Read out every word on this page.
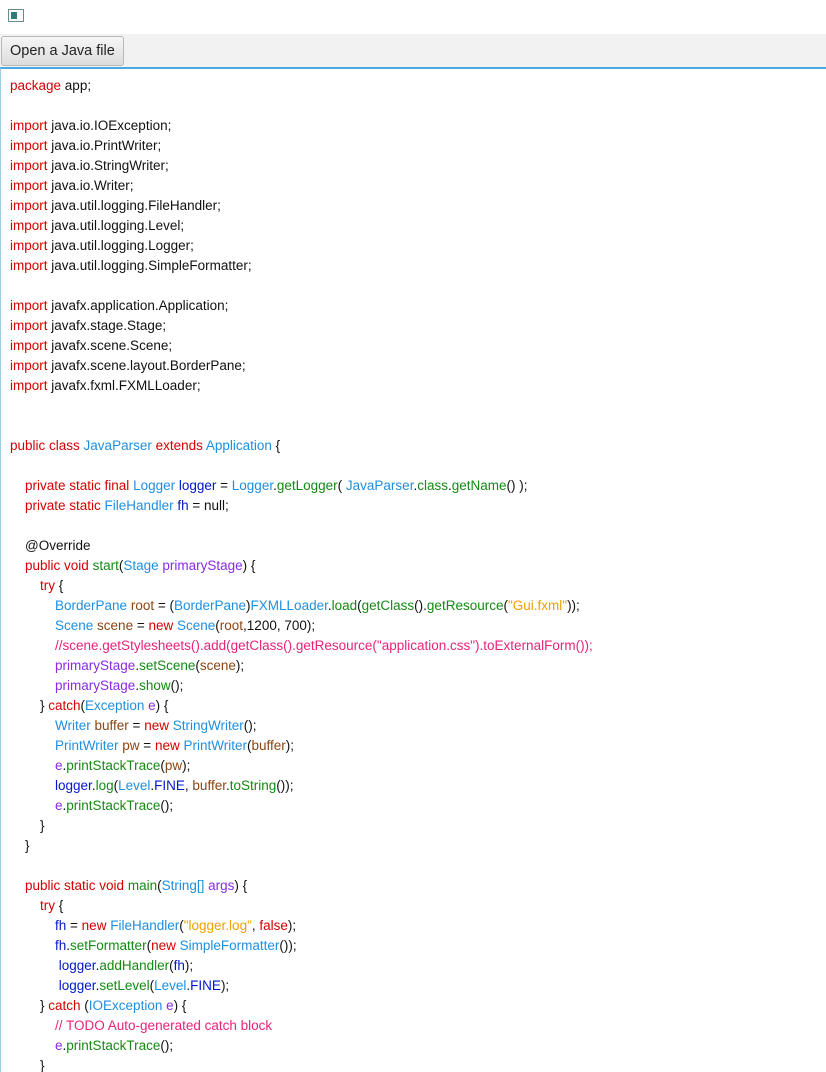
Open a Java file
package app;
import java.io.IOException;
import java.io.PrintWriter;
import java.io.StringWriter;
import java.io.Writer;
import java.util.logging.FileHandler;
import java.util.logging.Level;
import java.util.logging.Logger;
import java.util.logging.SimpleFormatter;
import javafx.application.Application;
import javafx.stage.Stage;
import javafx.scene.Scene;
import javafx.scene.layout.BorderPane;
import javafx.fxml.FXMLLoader;
public class JavaParser extends Application {
private static final Logger logger = Logger.getLogger( JavaParser.class.getName() );
private static FileHandler fh = null;
@Override
public void start(Stage primaryStage) {
try {
BorderPane root = (BorderPane)FXMLLoader.load(getClass().getResource("Gui.fxml"));
Scene scene = new Scene(root,1200, 700);
//scene.getStylesheets().add(getClass().getResource("application.css").toExternalForm());
primaryStage.setScene(scene);
primaryStage.show();
} catch(Exception e) {
Writer buffer = new StringWriter();
PrintWriter pw = new PrintWriter(buffer);
e.printStackTrace(pw);
logger.log(Level.FINE, buffer.toString());
e.printStackTrace();
}
}
public static void main(String[] args) {
try {
fh = new FileHandler("logger.log", false);
fh.setFormatter(new SimpleFormatter());
logger.addHandler(fh);
logger.setLevel(Level.FINE);
} catch (IOException e) {
// TODO Auto-generated catch block
e.printStackTrace();
}
